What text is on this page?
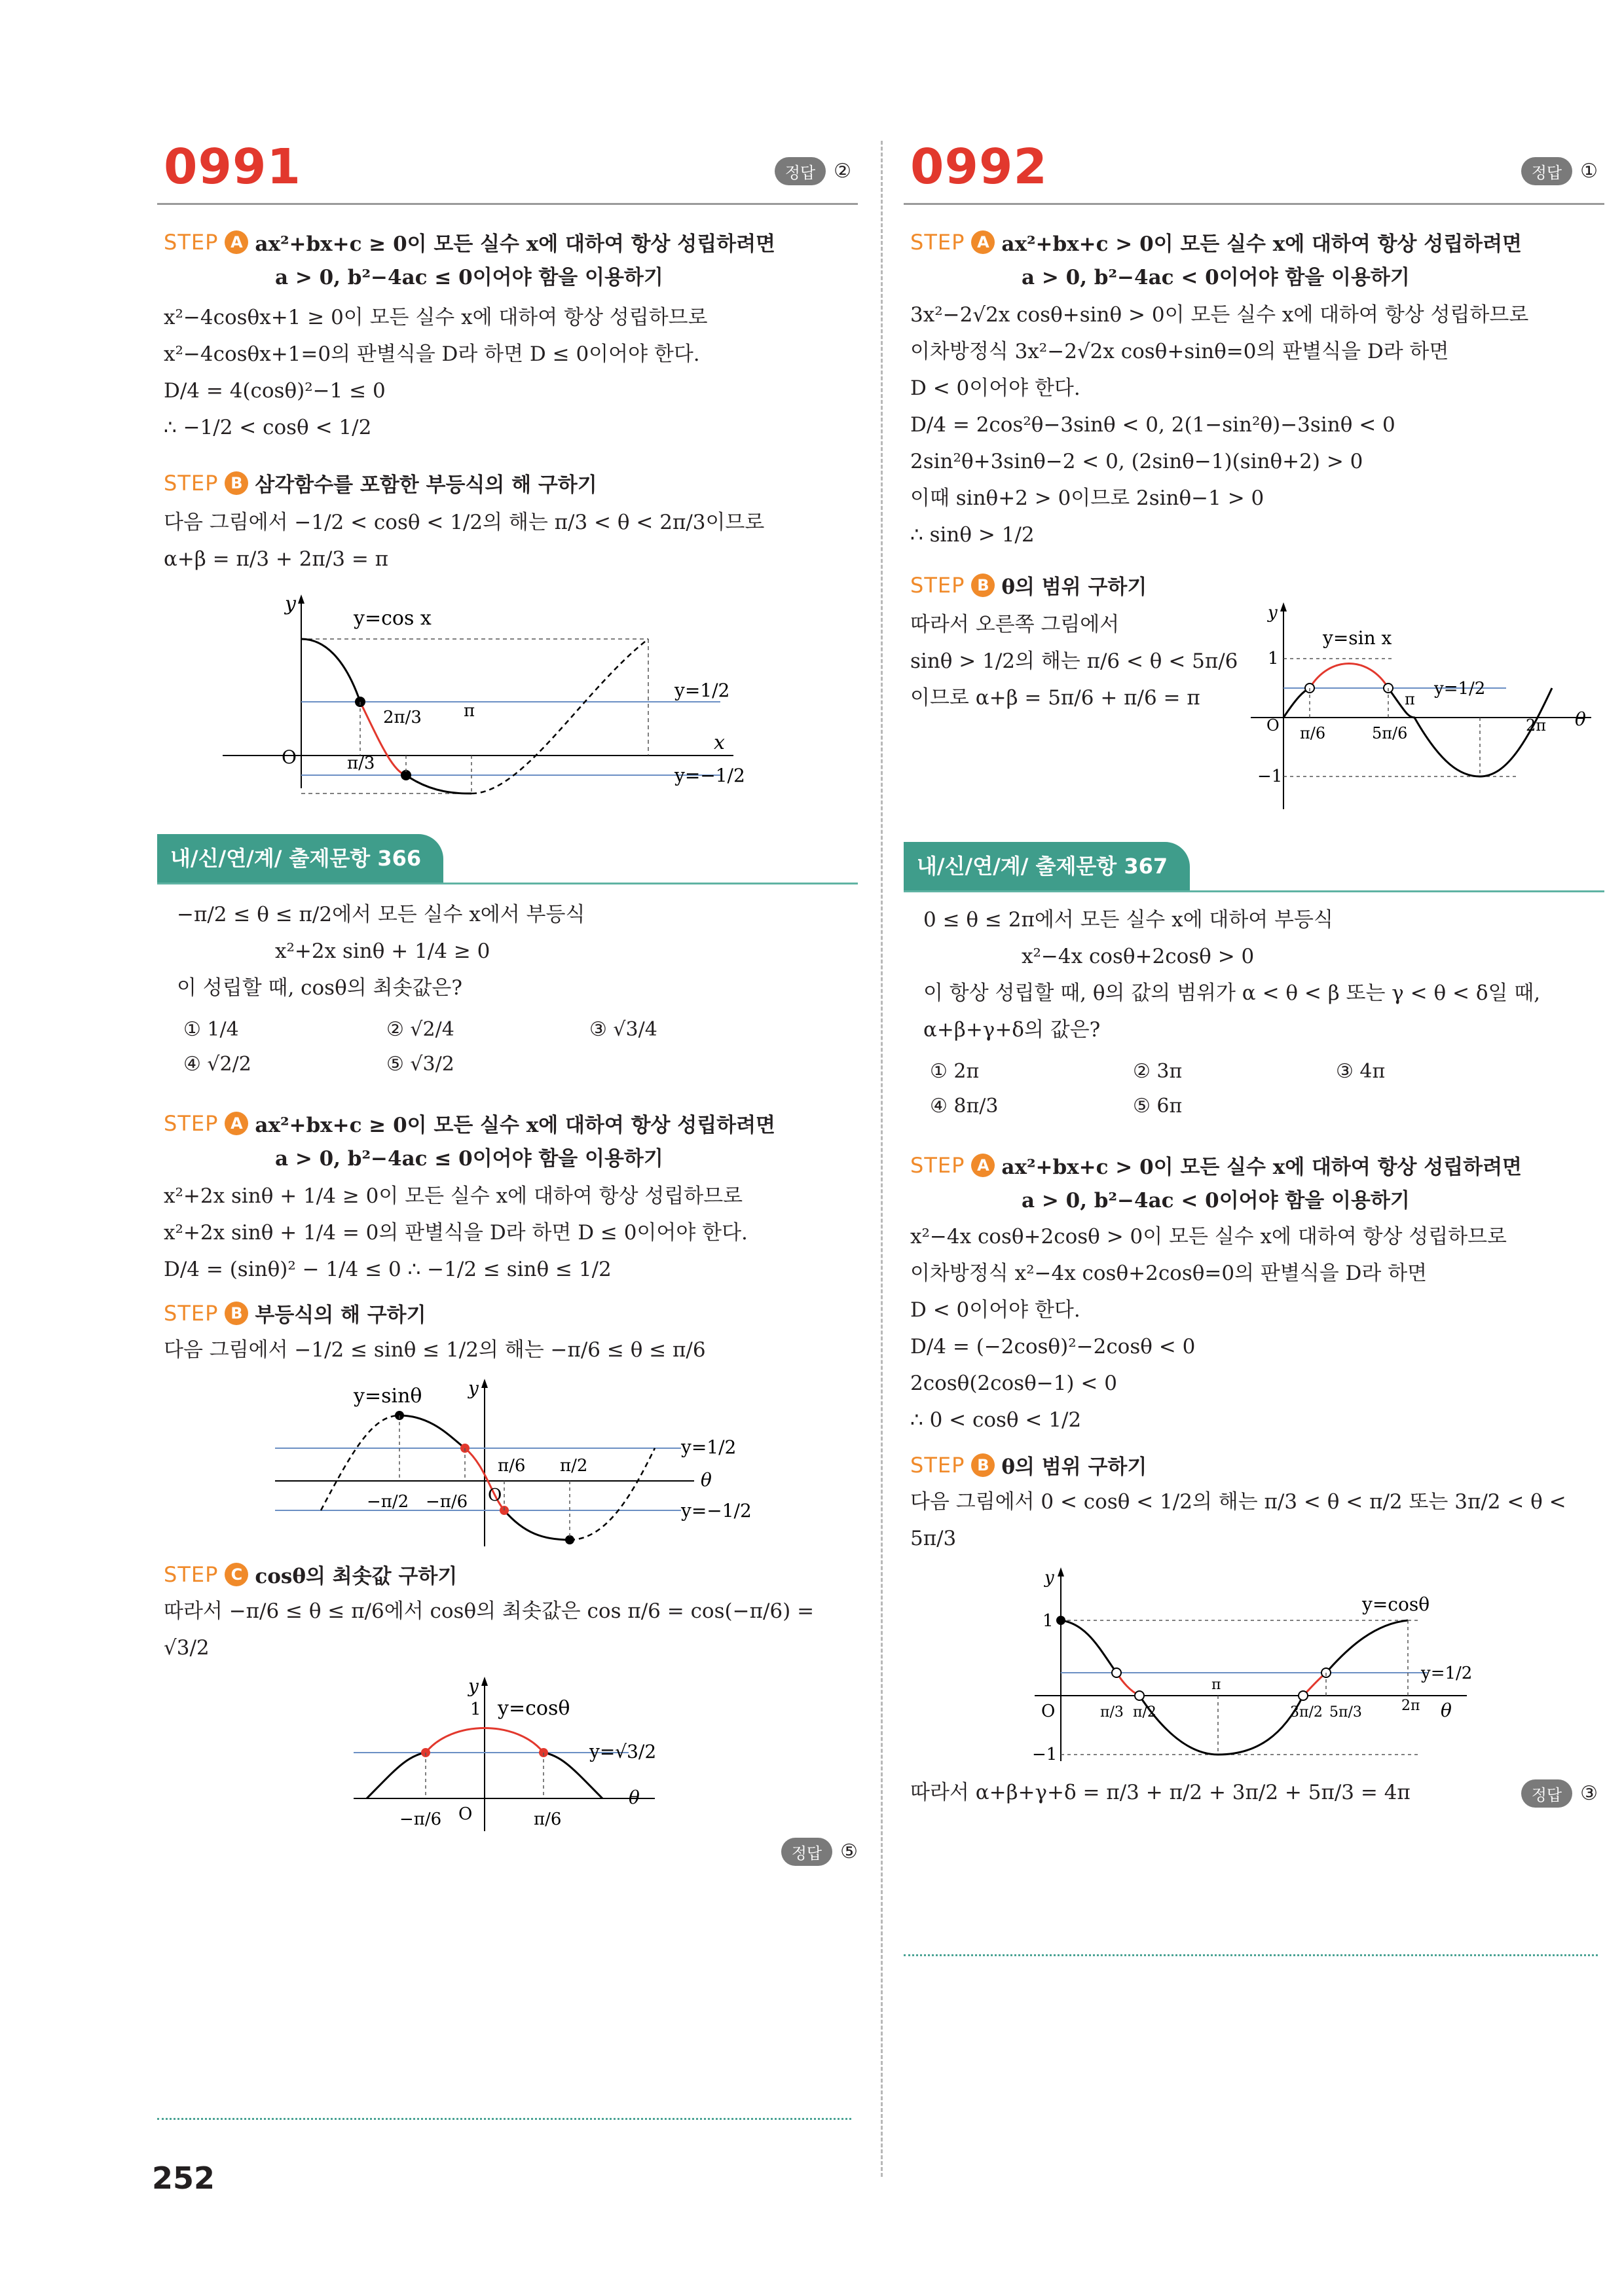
0991	정답 ②
STEP A ax²+bx+c ≥ 0이 모든 실수 x에 대하여 항상 성립하려면
a > 0, b²−4ac ≤ 0이어야 함을 이용하기
x²−4cosθx+1 ≥ 0이 모든 실수 x에 대하여 항상 성립하므로
x²−4cosθx+1=0의 판별식을 D라 하면 D ≤ 0이어야 한다.
D/4 = 4(cosθ)²−1 ≤ 0
∴ −1/2 < cosθ < 1/2
STEP B 삼각함수를 포함한 부등식의 해 구하기
다음 그림에서 −1/2 < cosθ < 1/2의 해는 π/3 < θ < 2π/3이므로
α+β = π/3 + 2π/3 = π
y
y=cos x
y=1/2
y=−1/2
x
O	π/3
2π/3 π
내/신/연/계/ 출제문항 366
−π/2 ≤ θ ≤ π/2에서 모든 실수 x에서 부등식
x²+2x sinθ + 1/4 ≥ 0
이 성립할 때, cosθ의 최솟값은?
① 1/4	② √2/4	③ √3/4
④ √2/2	⑤ √3/2
STEP A ax²+bx+c ≥ 0이 모든 실수 x에 대하여 항상 성립하려면
a > 0, b²−4ac ≤ 0이어야 함을 이용하기
x²+2x sinθ + 1/4 ≥ 0이 모든 실수 x에 대하여 항상 성립하므로
x²+2x sinθ + 1/4 = 0의 판별식을 D라 하면 D ≤ 0이어야 한다.
D/4 = (sinθ)² − 1/4 ≤ 0 ∴ −1/2 ≤ sinθ ≤ 1/2
STEP B 부등식의 해 구하기
다음 그림에서 −1/2 ≤ sinθ ≤ 1/2의 해는 −π/6 ≤ θ ≤ π/6
y
y=sinθ
y=1/2
y=−1/2
θ
O
−π/2 −π/6
π/6 π/2
STEP C cosθ의 최솟값 구하기
따라서 −π/6 ≤ θ ≤ π/6에서 cosθ의 최솟값은 cos π/6 = cos(−π/6) = √3/2
y
1 y=cosθ
y=√3/2
θ
O
−π/6	π/6
정답 ⑤
0992	정답 ①
STEP A ax²+bx+c > 0이 모든 실수 x에 대하여 항상 성립하려면
a > 0, b²−4ac < 0이어야 함을 이용하기
3x²−2√2x cosθ+sinθ > 0이 모든 실수 x에 대하여 항상 성립하므로
이차방정식 3x²−2√2x cosθ+sinθ=0의 판별식을 D라 하면
D < 0이어야 한다.
D/4 = 2cos²θ−3sinθ < 0, 2(1−sin²θ)−3sinθ < 0
2sin²θ+3sinθ−2 < 0, (2sinθ−1)(sinθ+2) > 0
이때 sinθ+2 > 0이므로 2sinθ−1 > 0
∴ sinθ > 1/2
STEP B θ의 범위 구하기
따라서 오른쪽 그림에서
sinθ > 1/2의 해는 π/6 < θ < 5π/6
이므로 α+β = 5π/6 + π/6 = π
y
1
−1
y=sin x
y=1/2
θ
O π/6	5π/6
π
2π
내/신/연/계/ 출제문항 367
0 ≤ θ ≤ 2π에서 모든 실수 x에 대하여 부등식
x²−4x cosθ+2cosθ > 0
이 항상 성립할 때, θ의 값의 범위가 α < θ < β 또는 γ < θ < δ일 때,
α+β+γ+δ의 값은?
① 2π	② 3π	③ 4π
④ 8π/3	⑤ 6π
STEP A ax²+bx+c > 0이 모든 실수 x에 대하여 항상 성립하려면
a > 0, b²−4ac < 0이어야 함을 이용하기
x²−4x cosθ+2cosθ > 0이 모든 실수 x에 대하여 항상 성립하므로
이차방정식 x²−4x cosθ+2cosθ=0의 판별식을 D라 하면
D < 0이어야 한다.
D/4 = (−2cosθ)²−2cosθ < 0
2cosθ(2cosθ−1) < 0
∴ 0 < cosθ < 1/2
STEP B θ의 범위 구하기
다음 그림에서 0 < cosθ < 1/2의 해는 π/3 < θ < π/2 또는 3π/2 < θ < 5π/3
y
1
−1
y=cosθ
y=1/2
θ
O	π/3 π/2
π
3π/2 5π/3	2π
따라서 α+β+γ+δ = π/3 + π/2 + 3π/2 + 5π/3 = 4π	정답 ③
252
